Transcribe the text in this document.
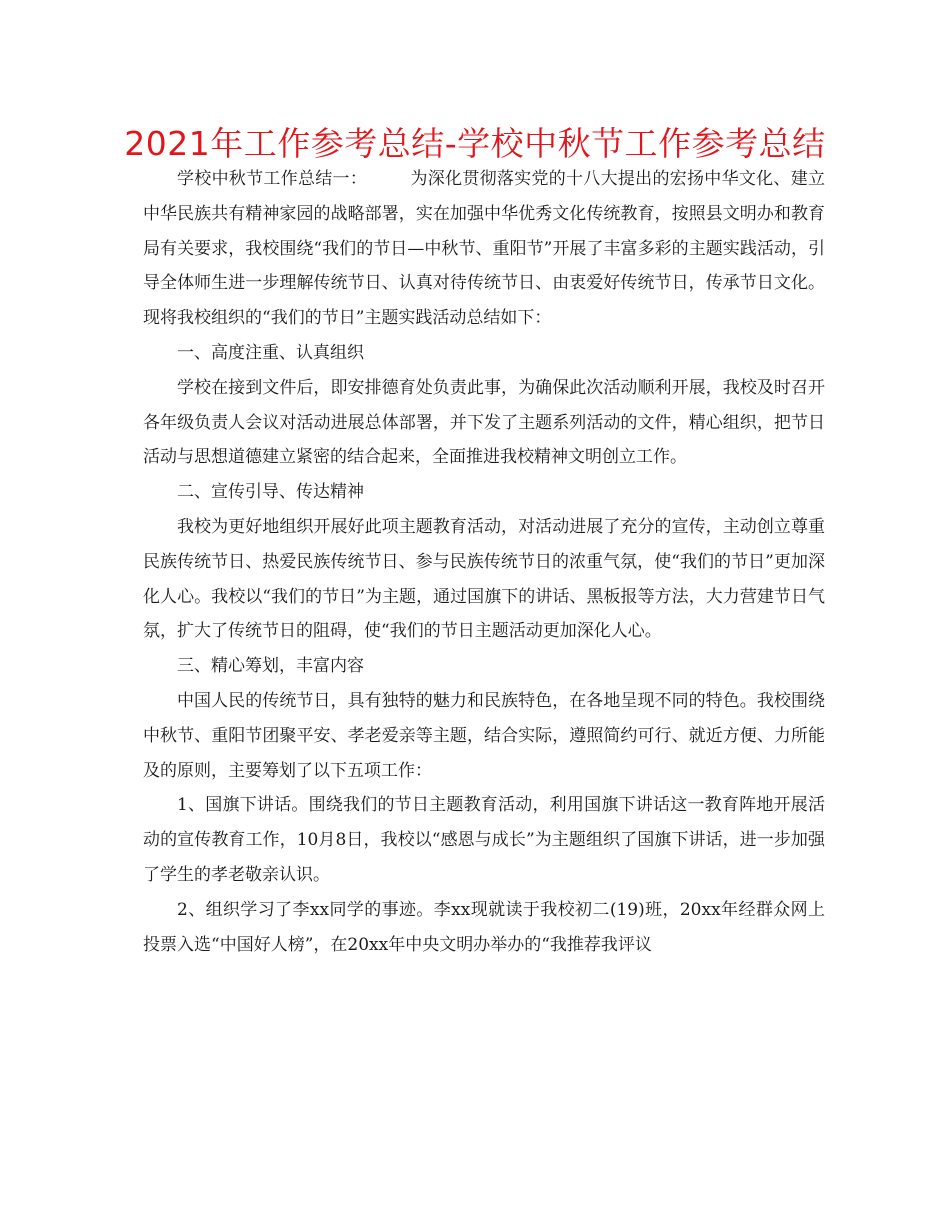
2021年工作参考总结-学校中秋节工作参考总结

学校中秋节工作总结一：　　　为深化贯彻落实党的十八大提出的宏扬中华文化、建立中华民族共有精神家园的战略部署，实在加强中华优秀文化传统教育，按照县文明办和教育局有关要求，我校围绕“我们的节日—中秋节、重阳节”开展了丰富多彩的主题实践活动，引导全体师生进一步理解传统节日、认真对待传统节日、由衷爱好传统节日，传承节日文化。现将我校组织的“我们的节日”主题实践活动总结如下：

一、高度注重、认真组织

学校在接到文件后，即安排德育处负责此事，为确保此次活动顺利开展，我校及时召开各年级负责人会议对活动进展总体部署，并下发了主题系列活动的文件，精心组织，把节日活动与思想道德建立紧密的结合起来，全面推进我校精神文明创立工作。

二、宣传引导、传达精神

我校为更好地组织开展好此项主题教育活动，对活动进展了充分的宣传，主动创立尊重民族传统节日、热爱民族传统节日、参与民族传统节日的浓重气氛，使“我们的节日”更加深化人心。我校以“我们的节日”为主题，通过国旗下的讲话、黑板报等方法，大力营建节日气氛，扩大了传统节日的阻碍，使“我们的节日主题活动更加深化人心。

三、精心筹划，丰富内容

中国人民的传统节日，具有独特的魅力和民族特色，在各地呈现不同的特色。我校围绕中秋节、重阳节团聚平安、孝老爱亲等主题，结合实际，遵照简约可行、就近方便、力所能及的原则，主要筹划了以下五项工作：

1、国旗下讲话。围绕我们的节日主题教育活动，利用国旗下讲话这一教育阵地开展活动的宣传教育工作，10月8日，我校以“感恩与成长”为主题组织了国旗下讲话，进一步加强了学生的孝老敬亲认识。

2、组织学习了李xx同学的事迹。李xx现就读于我校初二(19)班，20xx年经群众网上投票入选“中国好人榜”，在20xx年中央文明办举办的“我推荐我评议
